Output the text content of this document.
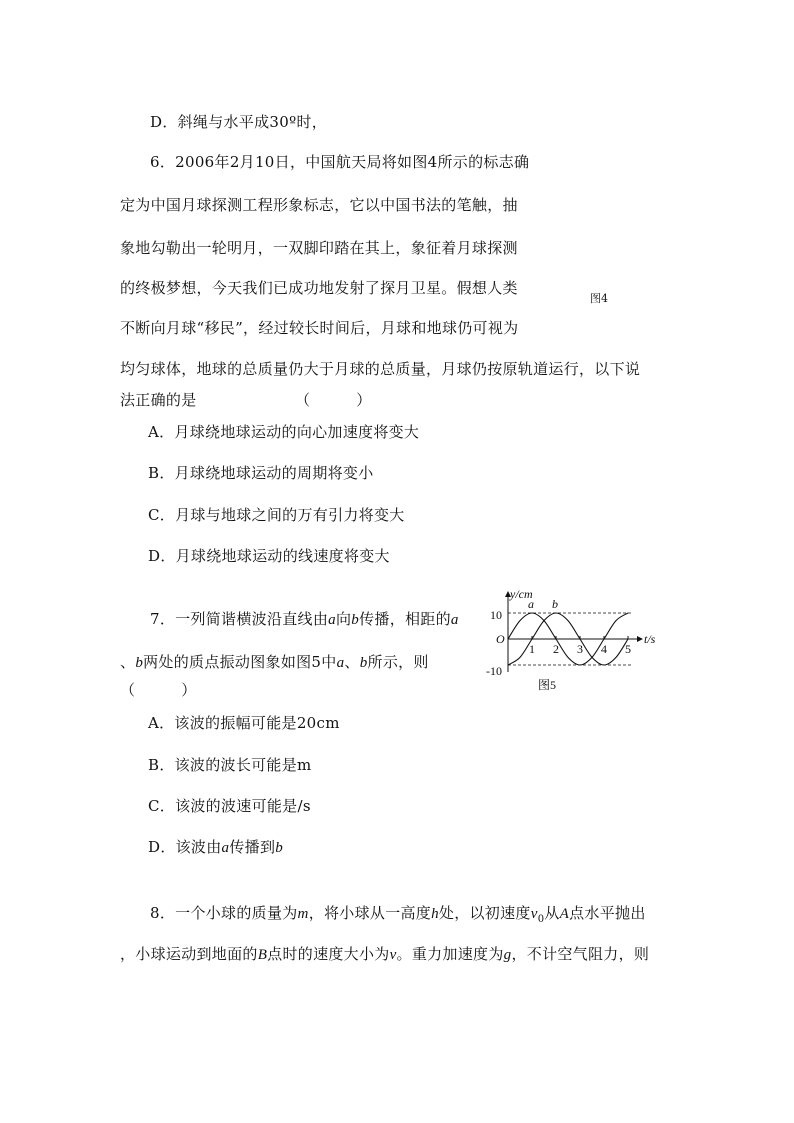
D．斜绳与水平成30º时，
6．2006年2月10日，中国航天局将如图4所示的标志确
定为中国月球探测工程形象标志，它以中国书法的笔触，抽
象地勾勒出一轮明月，一双脚印踏在其上，象征着月球探测
的终极梦想，今天我们已成功地发射了探月卫星。假想人类
图4
不断向月球“移民”，经过较长时间后，月球和地球仍可视为
均匀球体，地球的总质量仍大于月球的总质量，月球仍按原轨道运行，以下说
法正确的是	（　　　）
A．月球绕地球运动的向心加速度将变大
B．月球绕地球运动的周期将变小
C．月球与地球之间的万有引力将变大
D．月球绕地球运动的线速度将变大
7．一列简谐横波沿直线由a向b传播，相距的a
、b两处的质点振动图象如图5中a、b所示，则
（　　　）
A．该波的振幅可能是20cm
B．该波的波长可能是m
C．该波的波速可能是/s
D．该波由a传播到b
1 2 3 4 5
y/cm
t/s
O
10
-10
a b
图5
8．一个小球的质量为m，将小球从一高度h处，以初速度$v_0$从A点水平抛出
，小球运动到地面的B点时的速度大小为v。重力加速度为g，不计空气阻力，则
